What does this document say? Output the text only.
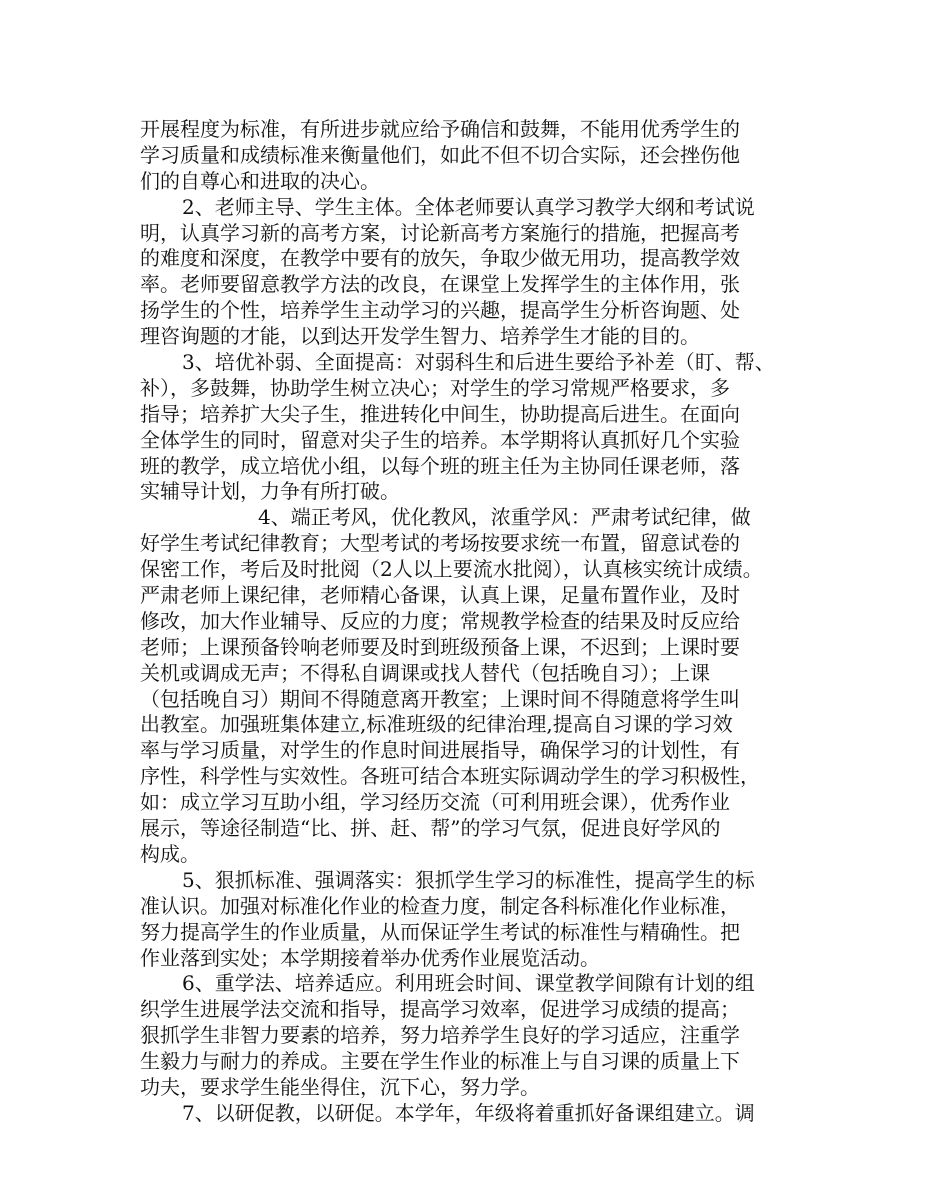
开展程度为标准，有所进步就应给予确信和鼓舞，不能用优秀学生的
学习质量和成绩标准来衡量他们，如此不但不切合实际，还会挫伤他
们的自尊心和进取的决心。
2、老师主导、学生主体。全体老师要认真学习教学大纲和考试说
明，认真学习新的高考方案，讨论新高考方案施行的措施，把握高考
的难度和深度，在教学中要有的放矢，争取少做无用功，提高教学效
率。老师要留意教学方法的改良，在课堂上发挥学生的主体作用，张
扬学生的个性，培养学生主动学习的兴趣，提高学生分析咨询题、处
理咨询题的才能，以到达开发学生智力、培养学生才能的目的。
3、培优补弱、全面提高：对弱科生和后进生要给予补差（盯、帮、
补），多鼓舞，协助学生树立决心；对学生的学习常规严格要求，多
指导；培养扩大尖子生，推进转化中间生，协助提高后进生。在面向
全体学生的同时，留意对尖子生的培养。本学期将认真抓好几个实验
班的教学，成立培优小组，以每个班的班主任为主协同任课老师，落
实辅导计划，力争有所打破。
4、端正考风，优化教风，浓重学风：严肃考试纪律，做
好学生考试纪律教育；大型考试的考场按要求统一布置，留意试卷的
保密工作，考后及时批阅（2人以上要流水批阅），认真核实统计成绩。
严肃老师上课纪律，老师精心备课，认真上课，足量布置作业，及时
修改，加大作业辅导、反应的力度；常规教学检查的结果及时反应给
老师；上课预备铃响老师要及时到班级预备上课，不迟到；上课时要
关机或调成无声；不得私自调课或找人替代（包括晚自习）；上课
（包括晚自习）期间不得随意离开教室；上课时间不得随意将学生叫
出教室。加强班集体建立,标准班级的纪律治理,提高自习课的学习效
率与学习质量，对学生的作息时间进展指导，确保学习的计划性，有
序性，科学性与实效性。各班可结合本班实际调动学生的学习积极性，
如：成立学习互助小组，学习经历交流（可利用班会课），优秀作业
展示，等途径制造“比、拼、赶、帮”的学习气氛，促进良好学风的
构成。
5、狠抓标准、强调落实：狠抓学生学习的标准性，提高学生的标
准认识。加强对标准化作业的检查力度，制定各科标准化作业标准，
努力提高学生的作业质量，从而保证学生考试的标准性与精确性。把
作业落到实处；本学期接着举办优秀作业展览活动。
6、重学法、培养适应。利用班会时间、课堂教学间隙有计划的组
织学生进展学法交流和指导，提高学习效率，促进学习成绩的提高；
狠抓学生非智力要素的培养，努力培养学生良好的学习适应，注重学
生毅力与耐力的养成。主要在学生作业的标准上与自习课的质量上下
功夫，要求学生能坐得住，沉下心，努力学。
7、以研促教，以研促。本学年，年级将着重抓好备课组建立。调
